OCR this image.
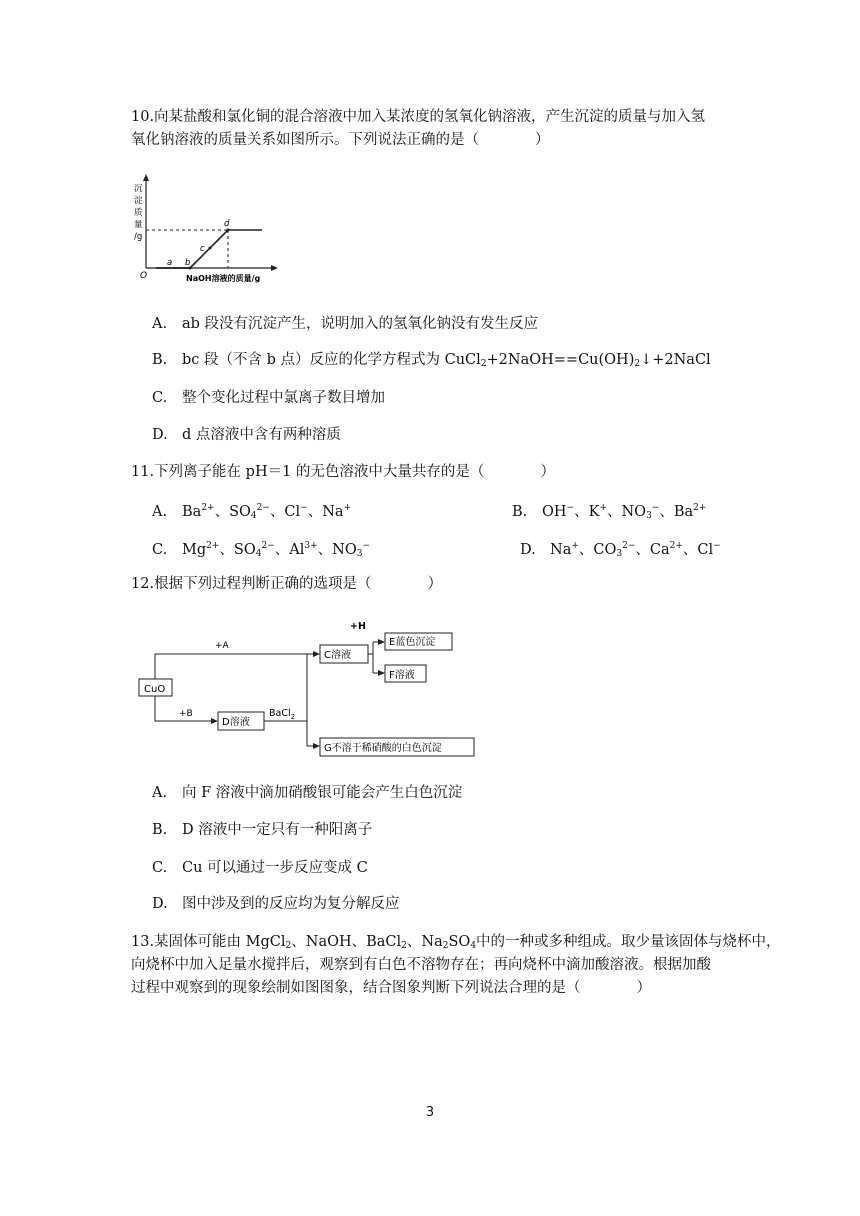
10.向某盐酸和氯化铜的混合溶液中加入某浓度的氢氧化钠溶液，产生沉淀的质量与加入氢
氧化钠溶液的质量关系如图所示。下列说法正确的是（	）
沉
淀
质
量
/g
O
a b
c
d
NaOH溶液的质量/g
A. ab 段没有沉淀产生，说明加入的氢氧化钠没有发生反应
B. bc 段（不含 b 点）反应的化学方程式为 $CuCl_2+2NaOH==Cu(OH)_2↓+2NaCl$
C. 整个变化过程中氯离子数目增加
D. d 点溶液中含有两种溶质
11.下列离子能在 pH＝1 的无色溶液中大量共存的是（	）
A. $Ba^{2+}$、$SO_4^{2-}$、Cl−、Na+	B. OH−、K+、$NO_3^-$、$Ba^{2+}$
C. $Mg^{2+}$、$SO_4^{2-}$、$Al^{3+}$、$NO_3^-$	D. Na+、$CO_3^{2-}$、$Ca^{2+}$、Cl−
12.根据下列过程判断正确的选项是（	）
CuO
+A
+B
+H
BaCl$_2$
C溶液
D溶液
E蓝色沉淀
F溶液
G不溶于稀硝酸的白色沉淀
A. 向 F 溶液中滴加硝酸银可能会产生白色沉淀
B. D 溶液中一定只有一种阳离子
C. Cu 可以通过一步反应变成 C
D. 图中涉及到的反应均为复分解反应
13.某固体可能由 MgCl$_2$、NaOH、BaCl$_2$、$Na_2SO_4$中的一种或多种组成。取少量该固体与烧杯中，
向烧杯中加入足量水搅拌后，观察到有白色不溶物存在；再向烧杯中滴加酸溶液。根据加酸
过程中观察到的现象绘制如图图象，结合图象判断下列说法合理的是（	）
3
